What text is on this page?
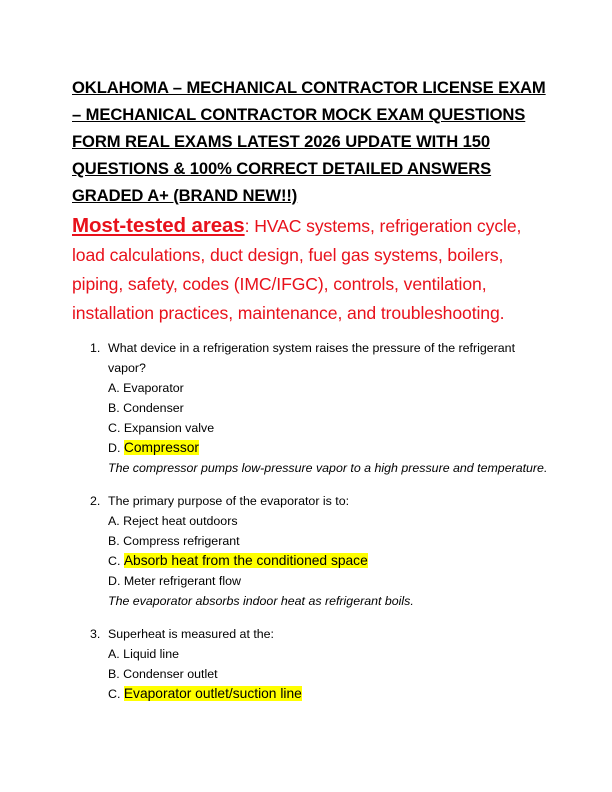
OKLAHOMA – MECHANICAL CONTRACTOR LICENSE EXAM – MECHANICAL CONTRACTOR MOCK EXAM QUESTIONS FORM REAL EXAMS LATEST 2026 UPDATE WITH 150 QUESTIONS & 100% CORRECT DETAILED ANSWERS GRADED A+ (BRAND NEW!!)

Most-tested areas: HVAC systems, refrigeration cycle, load calculations, duct design, fuel gas systems, boilers, piping, safety, codes (IMC/IFGC), controls, ventilation, installation practices, maintenance, and troubleshooting.

1. What device in a refrigeration system raises the pressure of the refrigerant vapor?
A. Evaporator
B. Condenser
C. Expansion valve
D. Compressor
The compressor pumps low-pressure vapor to a high pressure and temperature.
2. The primary purpose of the evaporator is to:
A. Reject heat outdoors
B. Compress refrigerant
C. Absorb heat from the conditioned space
D. Meter refrigerant flow
The evaporator absorbs indoor heat as refrigerant boils.
3. Superheat is measured at the:
A. Liquid line
B. Condenser outlet
C. Evaporator outlet/suction line
